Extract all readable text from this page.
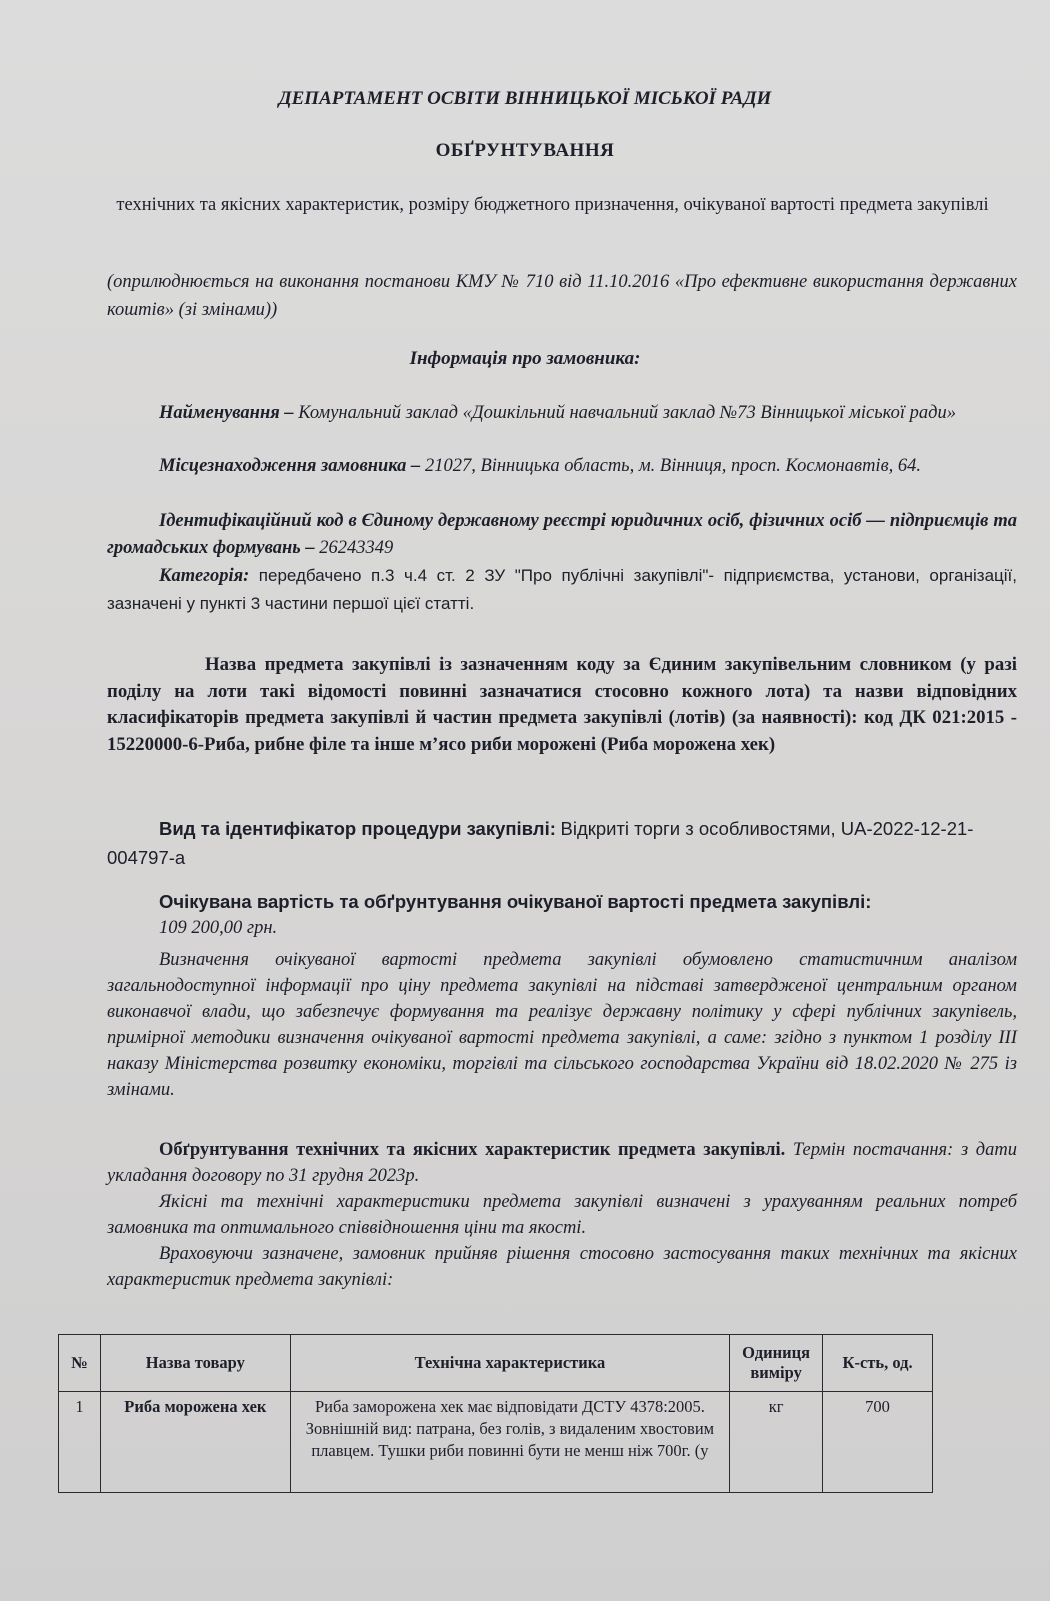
ДЕПАРТАМЕНТ ОСВІТИ ВІННИЦЬКОЇ МІСЬКОЇ РАДИ
ОБҐРУНТУВАННЯ
технічних та якісних характеристик, розміру бюджетного призначення, очікуваної вартості предмета закупівлі
(оприлюднюється на виконання постанови КМУ № 710 від 11.10.2016 «Про ефективне використання державних коштів» (зі змінами))
Інформація про замовника:
Найменування – Комунальний заклад «Дошкільний навчальний заклад №73 Вінницької міської ради»
Місцезнаходження замовника – 21027, Вінницька область, м. Вінниця, просп. Космонавтів, 64.
Ідентифікаційний код в Єдиному державному реєстрі юридичних осіб, фізичних осіб — підприємців та громадських формувань – 26243349
Категорія: передбачено п.3 ч.4 ст. 2 ЗУ "Про публічні закупівлі"- підприємства, установи, організації, зазначені у пункті 3 частини першої цієї статті.
Назва предмета закупівлі із зазначенням коду за Єдиним закупівельним словником (у разі поділу на лоти такі відомості повинні зазначатися стосовно кожного лота) та назви відповідних класифікаторів предмета закупівлі й частин предмета закупівлі (лотів) (за наявності): код ДК 021:2015 - 15220000-6-Риба, рибне філе та інше м’ясо риби морожені (Риба морожена хек)
Вид та ідентифікатор процедури закупівлі: Відкриті торги з особливостями, UA-2022-12-21-004797-a
Очікувана вартість та обґрунтування очікуваної вартості предмета закупівлі:
109 200,00 грн.
Визначення очікуваної вартості предмета закупівлі обумовлено статистичним аналізом загальнодоступної інформації про ціну предмета закупівлі на підставі затвердженої центральним органом виконавчої влади, що забезпечує формування та реалізує державну політику у сфері публічних закупівель, примірної методики визначення очікуваної вартості предмета закупівлі, а саме: згідно з пунктом 1 розділу ІІІ наказу Міністерства розвитку економіки, торгівлі та сільського господарства України від 18.02.2020 № 275 із змінами.
Обґрунтування технічних та якісних характеристик предмета закупівлі. Термін постачання: з дати укладання договору по 31 грудня 2023р.
Якісні та технічні характеристики предмета закупівлі визначені з урахуванням реальних потреб замовника та оптимального співвідношення ціни та якості.
Враховуючи зазначене, замовник прийняв рішення стосовно застосування таких технічних та якісних характеристик предмета закупівлі:
№	Назва товару	Технічна характеристика	Одиниця виміру	К-сть, од.
1	Риба морожена хек	Риба заморожена хек має відповідати ДСТУ 4378:2005. Зовнішній вид: патрана, без голів, з видаленим хвостовим плавцем. Тушки риби повинні бути не менш ніж 700г. (у	кг	700
